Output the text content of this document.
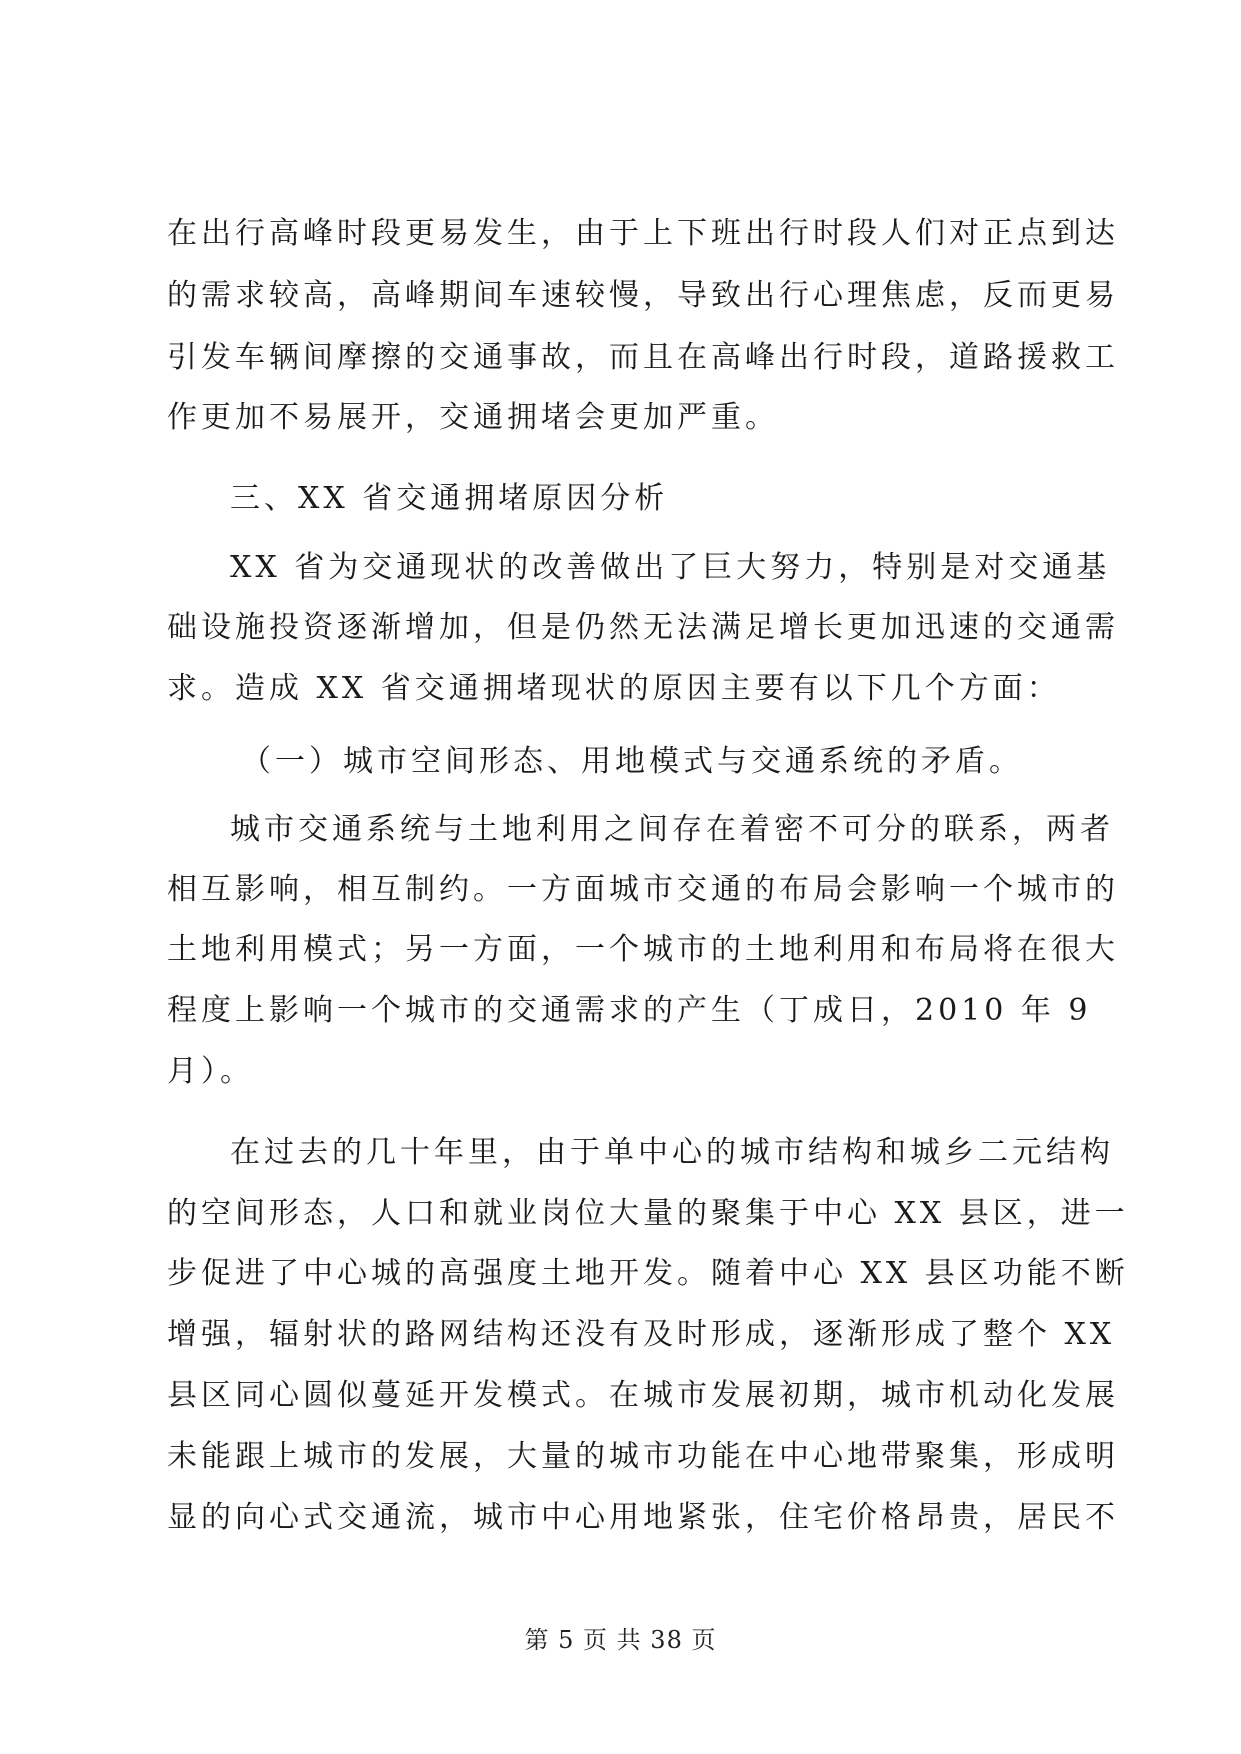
在出行高峰时段更易发生，由于上下班出行时段人们对正点到达
的需求较高，高峰期间车速较慢，导致出行心理焦虑，反而更易
引发车辆间摩擦的交通事故，而且在高峰出行时段，道路援救工
作更加不易展开，交通拥堵会更加严重。
三、XX 省交通拥堵原因分析
XX 省为交通现状的改善做出了巨大努力，特别是对交通基
础设施投资逐渐增加，但是仍然无法满足增长更加迅速的交通需
求。造成 XX 省交通拥堵现状的原因主要有以下几个方面：
（一）城市空间形态、用地模式与交通系统的矛盾。
城市交通系统与土地利用之间存在着密不可分的联系，两者
相互影响，相互制约。一方面城市交通的布局会影响一个城市的
土地利用模式；另一方面，一个城市的土地利用和布局将在很大
程度上影响一个城市的交通需求的产生（丁成日，2010 年 9
月）。
在过去的几十年里，由于单中心的城市结构和城乡二元结构
的空间形态，人口和就业岗位大量的聚集于中心 XX 县区，进一
步促进了中心城的高强度土地开发。随着中心 XX 县区功能不断
增强，辐射状的路网结构还没有及时形成，逐渐形成了整个 XX
县区同心圆似蔓延开发模式。在城市发展初期，城市机动化发展
未能跟上城市的发展，大量的城市功能在中心地带聚集，形成明
显的向心式交通流，城市中心用地紧张，住宅价格昂贵，居民不
第 5 页 共 38 页
